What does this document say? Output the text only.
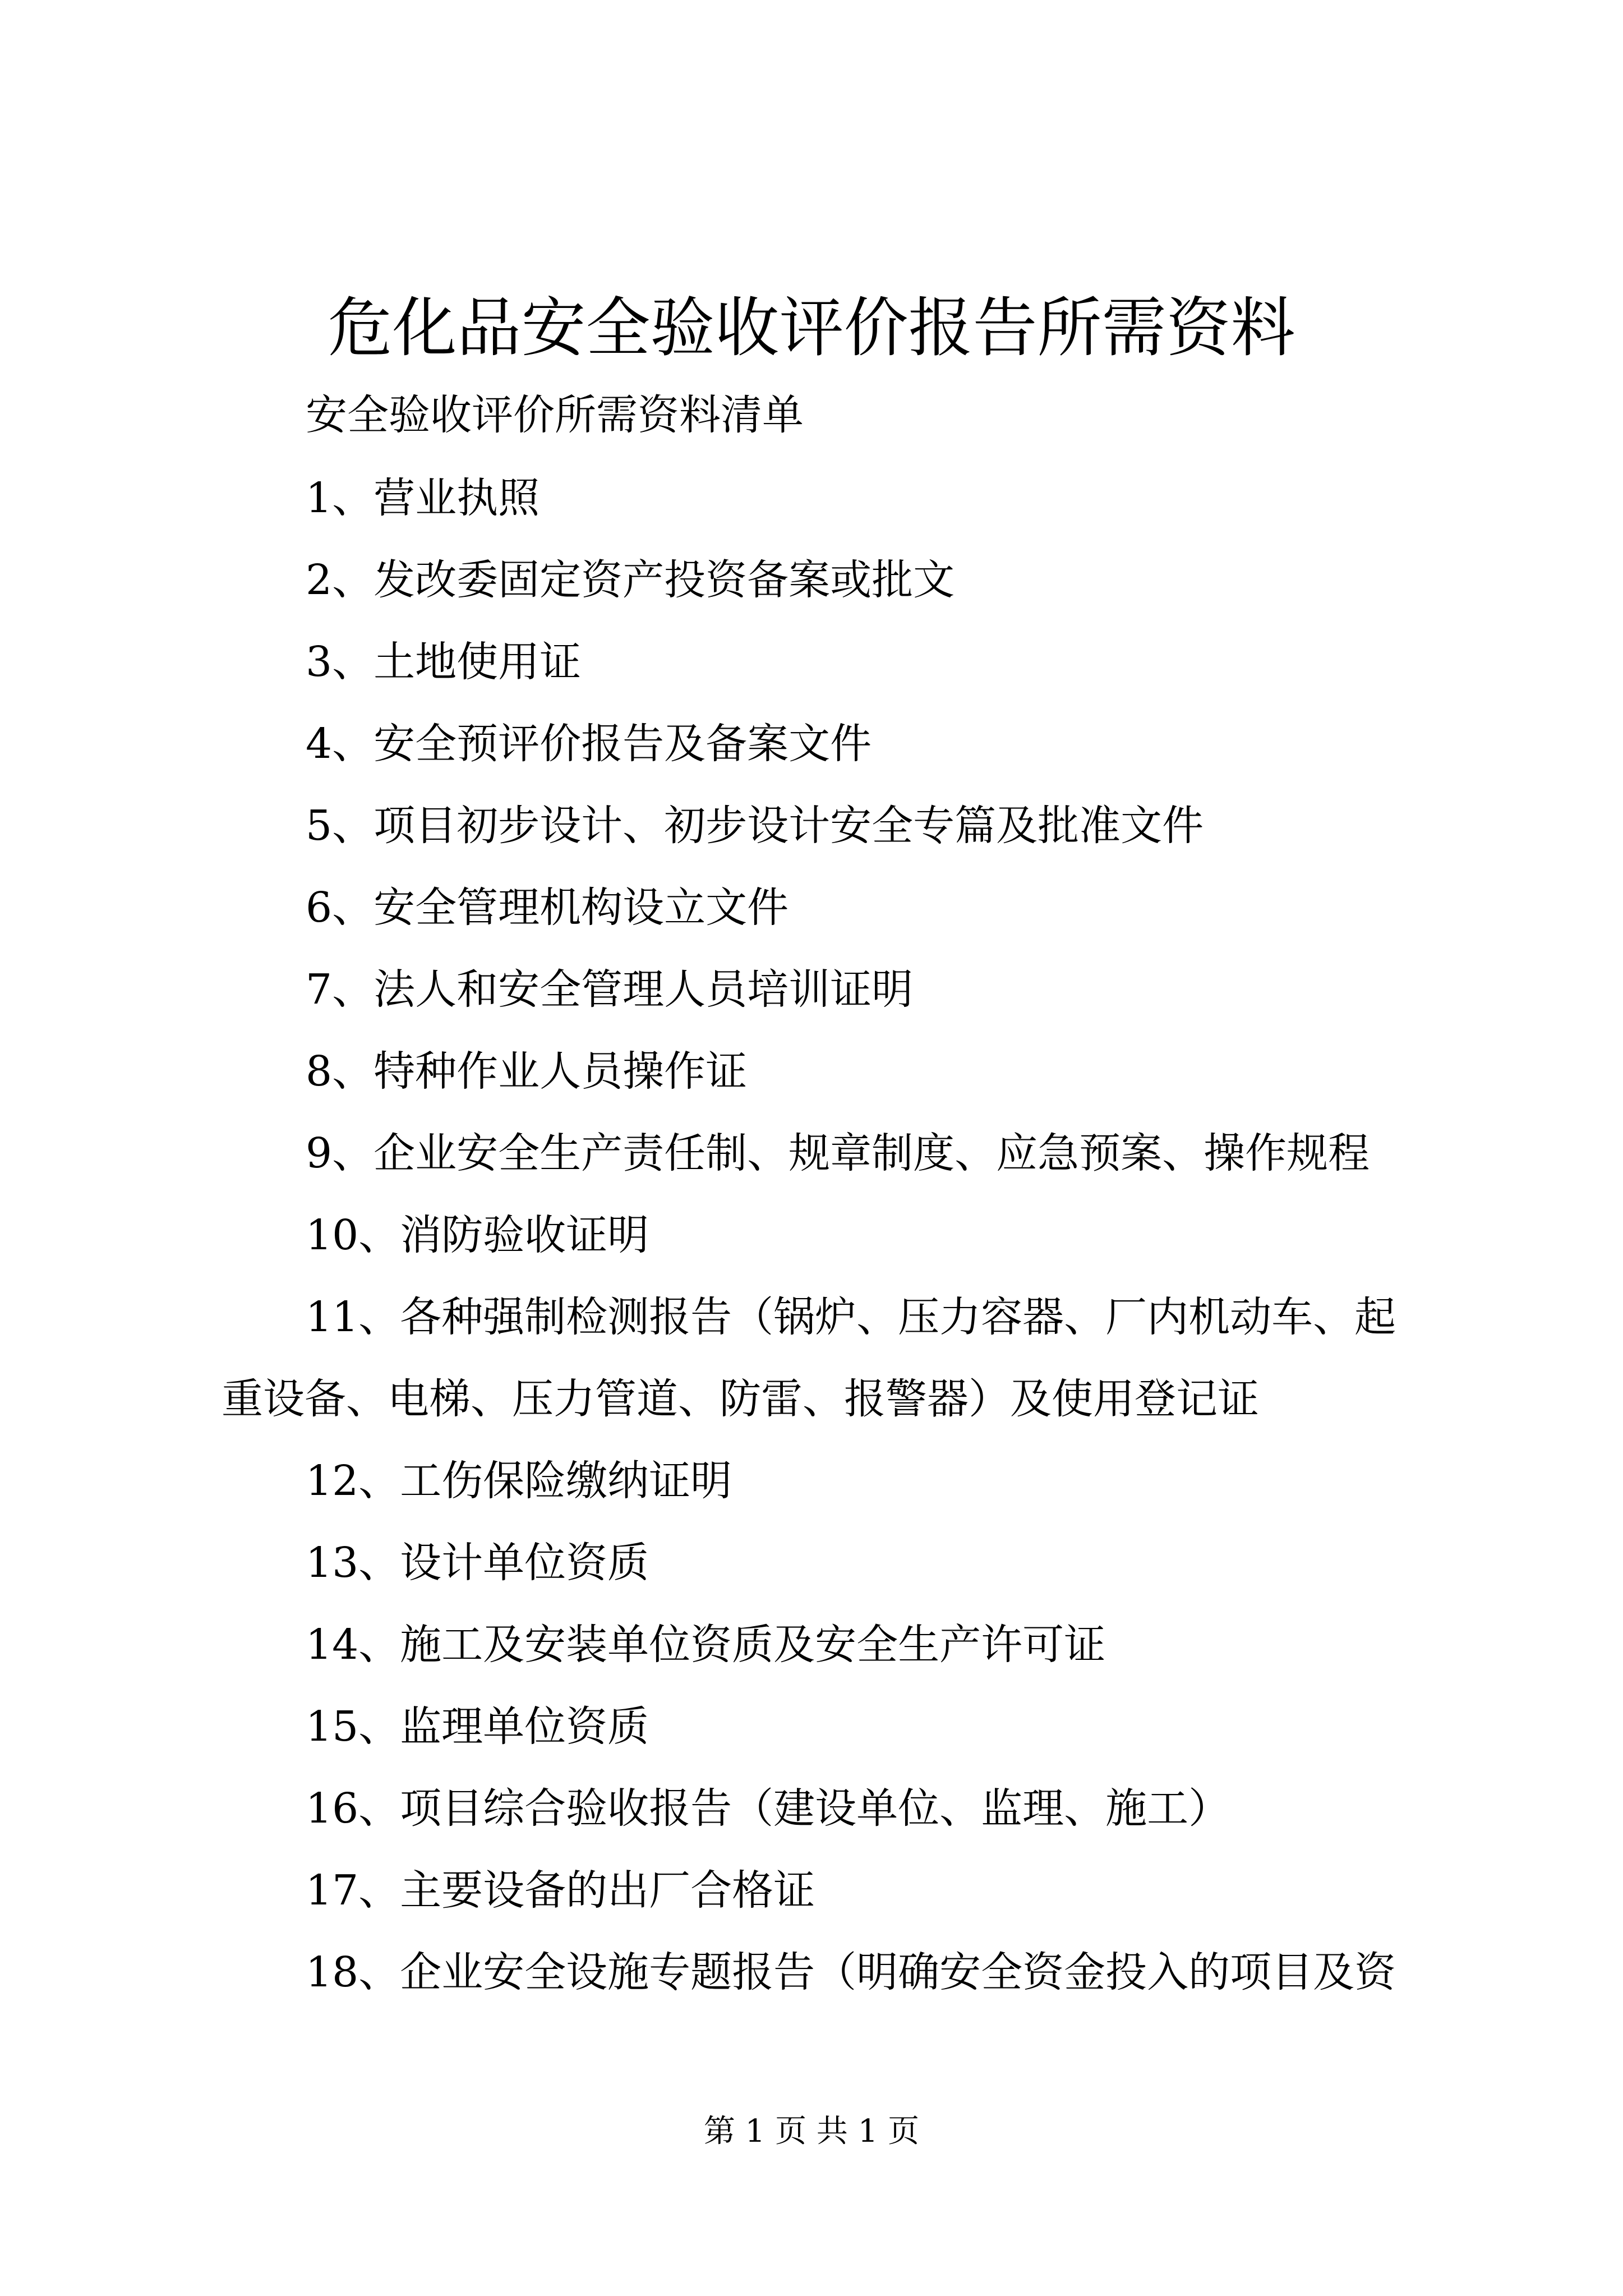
危化品安全验收评价报告所需资料
安全验收评价所需资料清单
1、营业执照
2、发改委固定资产投资备案或批文
3、土地使用证
4、安全预评价报告及备案文件
5、项目初步设计、初步设计安全专篇及批准文件
6、安全管理机构设立文件
7、法人和安全管理人员培训证明
8、特种作业人员操作证
9、企业安全生产责任制、规章制度、应急预案、操作规程
10、消防验收证明
11、各种强制检测报告（锅炉、压力容器、厂内机动车、起
重设备、电梯、压力管道、防雷、报警器）及使用登记证
12、工伤保险缴纳证明
13、设计单位资质
14、施工及安装单位资质及安全生产许可证
15、监理单位资质
16、项目综合验收报告（建设单位、监理、施工）
17、主要设备的出厂合格证
18、企业安全设施专题报告（明确安全资金投入的项目及资
第 1 页 共 1 页
